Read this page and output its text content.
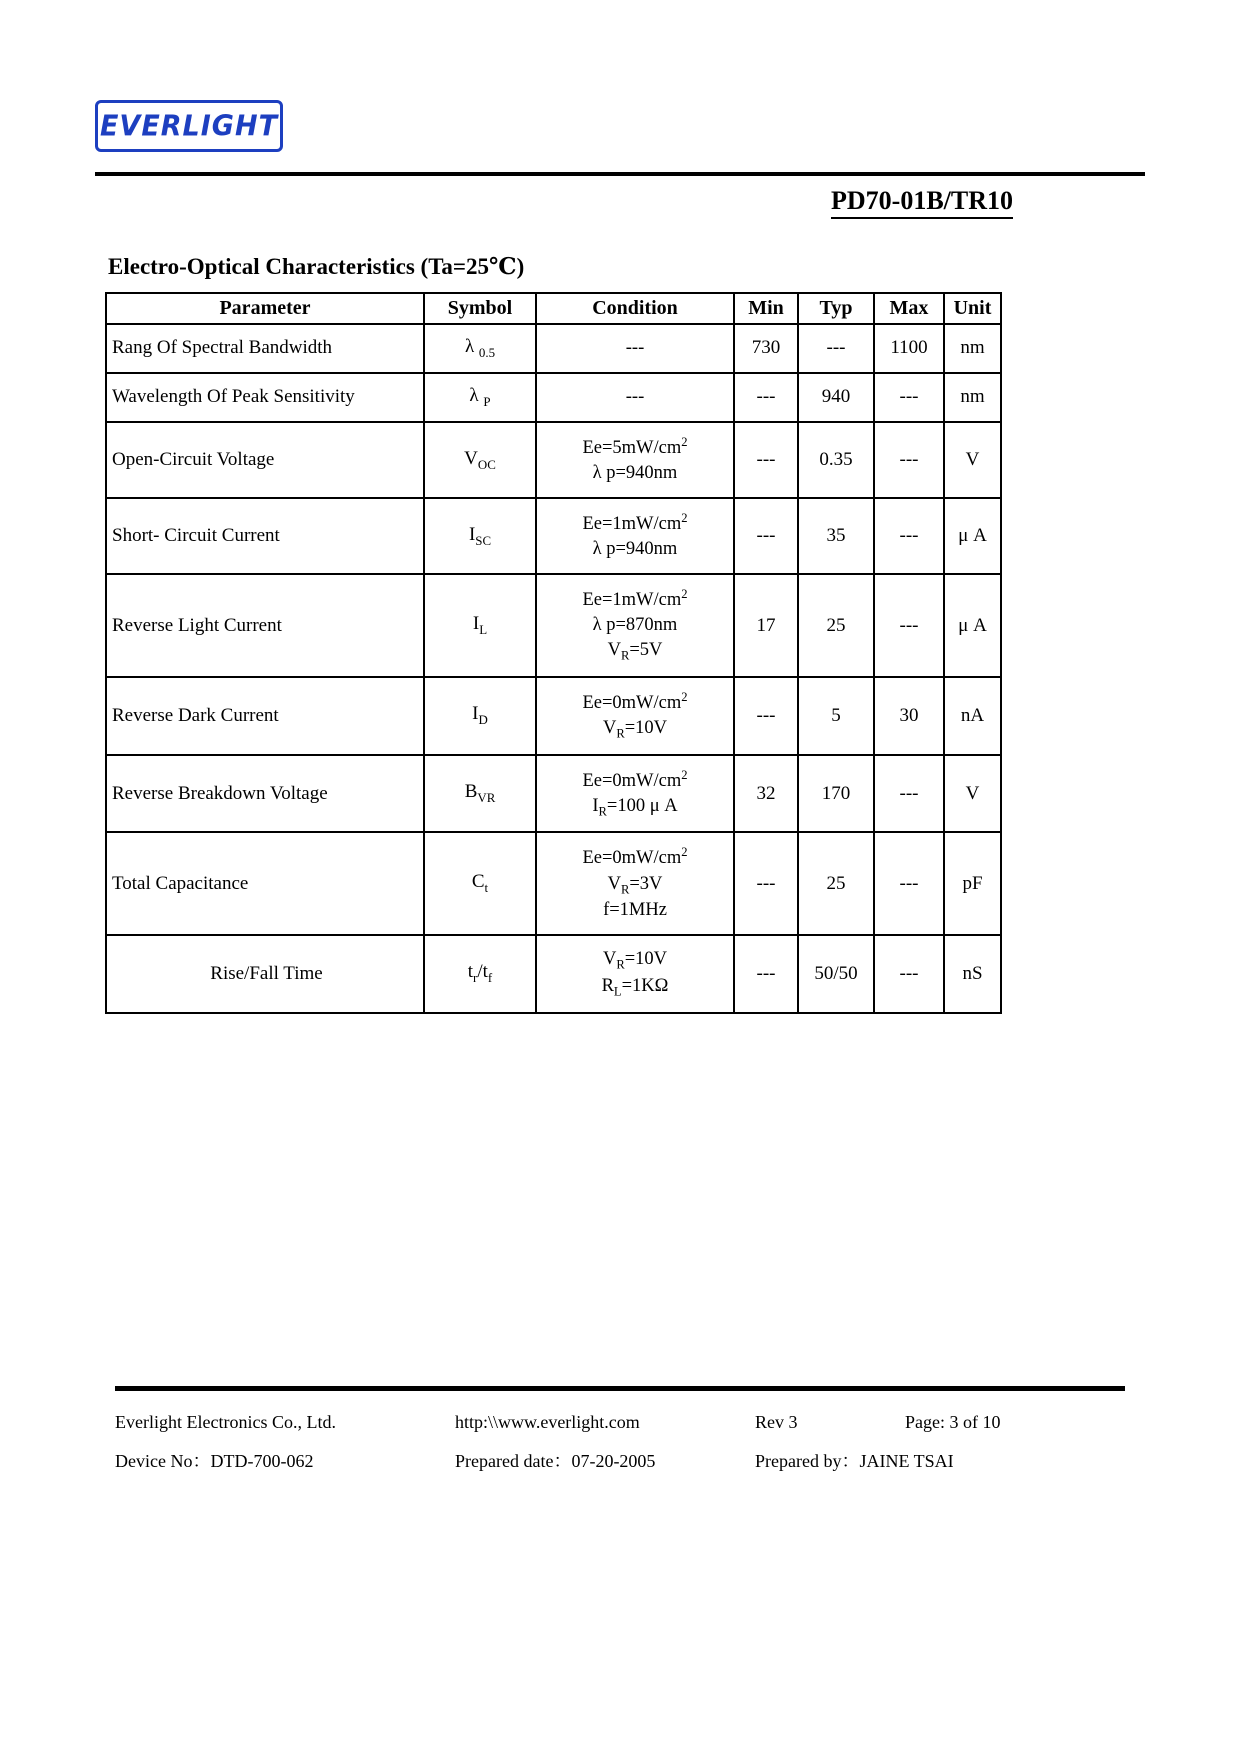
EVERLIGHT
PD70-01B/TR10
Electro-Optical Characteristics (Ta=25℃)
Parameter	Symbol	Condition	Min	Typ	Max	Unit
Rang Of Spectral Bandwidth	λ $_{0.5}$	---	730	---	1100	nm
Wavelength Of Peak Sensitivity	λ $_P$	---	---	940	---	nm
Open-Circuit Voltage	$V_{OC}$	$Ee=5mW/cm^2$
λ p=940nm	---	0.35	---	V
Short- Circuit Current	$I_{SC}$	$Ee=1mW/cm^2$
λ p=940nm	---	35	---	μ A
Reverse Light Current	$I_L$	$Ee=1mW/cm^2$
λ p=870nm
$V_R=5V$	17	25	---	μ A
Reverse Dark Current	$I_D$	$Ee=0mW/cm^2$
$V_R=10V$	---	5	30	nA
Reverse Breakdown Voltage	$B_{VR}$	$Ee=0mW/cm^2$
$I_R=100$ μ A	32	170	---	V
Total Capacitance	$C_t$	$Ee=0mW/cm^2$
$V_R=3V$
f=1MHz	---	25	---	pF
Rise/Fall Time	$t_r/t_f$	$V_R=10V$
$R_L=1K\Omega$	---	50/50	---	nS
Everlight Electronics Co., Ltd.	http:\\www.everlight.com	Rev 3	Page: 3 of 10
Device No：DTD-700-062	Prepared date：07-20-2005	Prepared by：JAINE TSAI
